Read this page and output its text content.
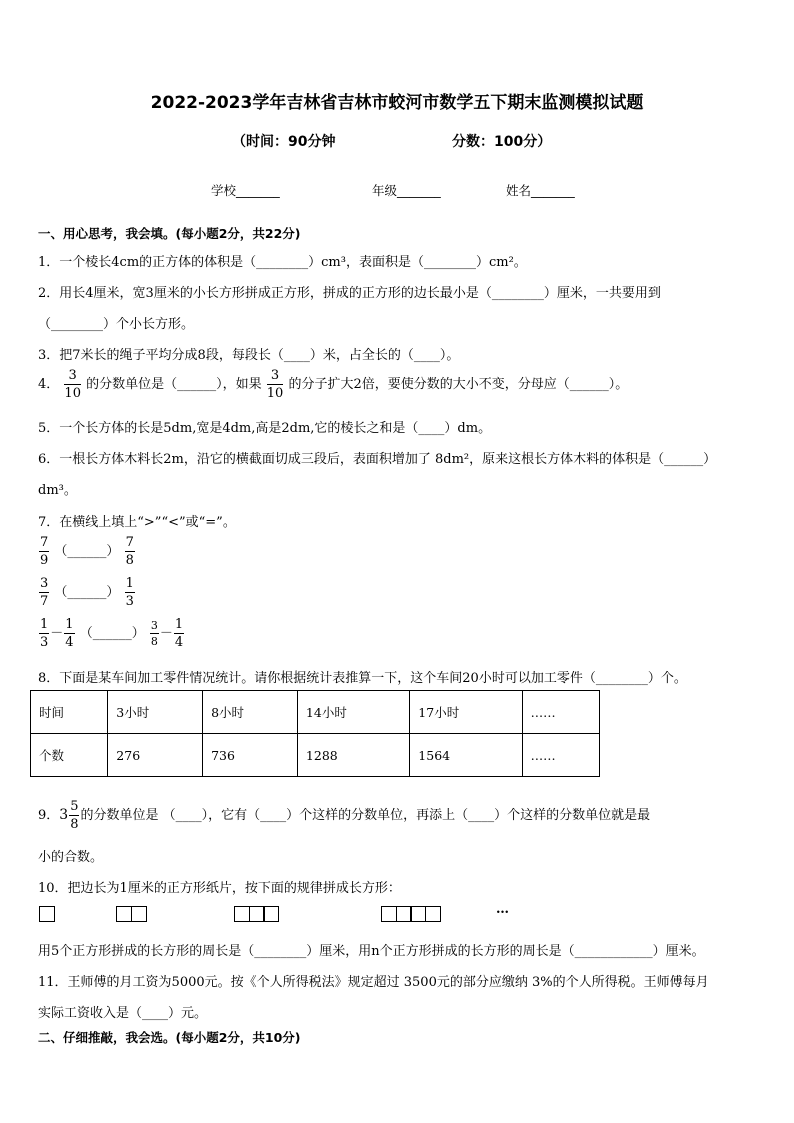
2022-2023学年吉林省吉林市蛟河市数学五下期末监测模拟试题
（时间：90分钟	分数：100分）
学校_______	年级_______	姓名_______
一、用心思考，我会填。(每小题2分，共22分)
1．一个棱长4cm的正方体的体积是（________）cm³，表面积是（________）cm²。
2．用长4厘米，宽3厘米的小长方形拼成正方形，拼成的正方形的边长最小是（________）厘米，一共要用到
（________）个小长方形。
3．把7米长的绳子平均分成8段，每段长（____）米，占全长的（____）。
4． $\frac{3}{10}$ 的分数单位是（______），如果 $\frac{3}{10}$ 的分子扩大2倍，要使分数的大小不变，分母应（______）。
5．一个长方体的长是5dm,宽是4dm,高是2dm,它的棱长之和是（____）dm。
6．一根长方体木料长2m，沿它的横截面切成三段后，表面积增加了 8dm²，原来这根长方体木料的体积是（______）
dm³。
7．在横线上填上“>”“<”或“=”。
$\frac{7}{9}$ （______） $\frac{7}{8}$
$\frac{3}{7}$ （______） $\frac{1}{3}$
$\frac{1}{3} - \frac{1}{4}$ （______） $\frac{3}{8} - \frac{1}{4}$
8．下面是某车间加工零件情况统计。请你根据统计表推算一下，这个车间20小时可以加工零件（________）个。
时间	3小时	8小时	14小时	17小时	……
个数	276	736	1288	1564	……
9．$3 \frac{5}{8}$ 的分数单位是 （____），它有（____）个这样的分数单位，再添上（____）个这样的分数单位就是最
小的合数。
10．把边长为1厘米的正方形纸片，按下面的规律拼成长方形：
…
用5个正方形拼成的长方形的周长是（________）厘米，用n个正方形拼成的长方形的周长是（____________）厘米。
11．王师傅的月工资为5000元。按《个人所得税法》规定超过 3500元的部分应缴纳 3%的个人所得税。王师傅每月
实际工资收入是（____）元。
二、仔细推敲，我会选。(每小题2分，共10分)
